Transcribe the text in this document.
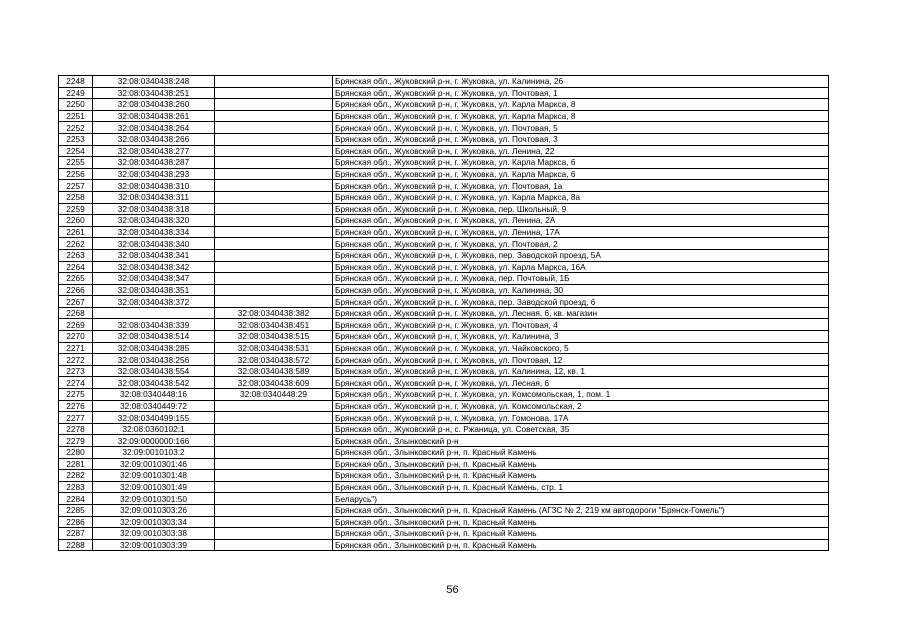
2248	32:08:0340438:248		Брянская обл., Жуковский р-н, г. Жуковка, ул. Калинина, 26
2249	32:08:0340438:251		Брянская обл., Жуковский р-н, г. Жуковка, ул. Почтовая, 1
2250	32:08:0340438:260		Брянская обл., Жуковский р-н, г. Жуковка, ул. Карла Маркса, 8
2251	32:08:0340438:261		Брянская обл., Жуковский р-н, г. Жуковка, ул. Карла Маркса, 8
2252	32:08:0340438:264		Брянская обл., Жуковский р-н, г. Жуковка, ул. Почтовая, 5
2253	32:08:0340438:266		Брянская обл., Жуковский р-н, г. Жуковка, ул. Почтовая, 3
2254	32:08:0340438:277		Брянская обл., Жуковский р-н, г. Жуковка, ул. Ленина, 22
2255	32:08:0340438:287		Брянская обл., Жуковский р-н, г. Жуковка, ул. Карла Маркса, 6
2256	32:08:0340438:293		Брянская обл., Жуковский р-н, г. Жуковка, ул. Карла Маркса, 6
2257	32:08:0340438:310		Брянская обл., Жуковский р-н, г. Жуковка, ул. Почтовая, 1а
2258	32:08:0340438:311		Брянская обл., Жуковский р-н, г. Жуковка, ул. Карла Маркса, 8а
2259	32:08:0340438:318		Брянская обл., Жуковский р-н, г. Жуковка, пер. Школьный, 9
2260	32:08:0340438:320		Брянская обл., Жуковский р-н, г. Жуковка, ул. Ленина, 2А
2261	32:08:0340438:334		Брянская обл., Жуковский р-н, г. Жуковка, ул. Ленина, 17А
2262	32:08:0340438:340		Брянская обл., Жуковский р-н, г. Жуковка, ул. Почтовая, 2
2263	32:08:0340438:341		Брянская обл., Жуковский р-н, г. Жуковка, пер. Заводской проезд, 5А
2264	32:08:0340438:342		Брянская обл., Жуковский р-н, г. Жуковка, ул. Карла Маркса, 16А
2265	32:08:0340438:347		Брянская обл., Жуковский р-н, г. Жуковка, пер. Почтовый, 1Б
2266	32:08:0340438:351		Брянская обл., Жуковский р-н, г. Жуковка, ул. Калинина, 30
2267	32:08:0340438:372		Брянская обл., Жуковский р-н, г. Жуковка, пер. Заводской проезд, 6
2268		32:08:0340438:382	Брянская обл., Жуковский р-н, г. Жуковка, ул. Лесная, 6, кв. магазин
2269	32:08:0340438:339	32:08:0340438:451	Брянская обл., Жуковский р-н, г. Жуковка, ул. Почтовая, 4
2270	32:08:0340438:514	32:08:0340438:515	Брянская обл., Жуковский р-н, г. Жуковка, ул. Калинина, 3
2271	32:08:0340438:285	32:08:0340438:531	Брянская обл., Жуковский р-н, г. Жуковка, ул. Чайковского, 5
2272	32:08:0340438:256	32:08:0340438:572	Брянская обл., Жуковский р-н, г. Жуковка, ул. Почтовая, 12
2273	32:08:0340438:554	32:08:0340438:589	Брянская обл., Жуковский р-н, г. Жуковка, ул. Калинина, 12, кв. 1
2274	32:08:0340438:542	32:08:0340438:609	Брянская обл., Жуковский р-н, г. Жуковка, ул. Лесная, 6
2275	32:08:0340448:16	32:08:0340448:29	Брянская обл., Жуковский р-н, г. Жуковка, ул. Комсомольская, 1, пом. 1
2276	32:08:0340449:72		Брянская обл., Жуковский р-н, г. Жуковка, ул. Комсомольская, 2
2277	32:08:0340499:155		Брянская обл., Жуковский р-н, г. Жуковка, ул. Гомонова, 17А
2278	32:08:0360102:1		Брянская обл., Жуковский р-н, с. Ржаница, ул. Советская, 35
2279	32:09:0000000:166		Брянская обл., Злынковский р-н
2280	32:09:0010103:2		Брянская обл., Злынковский р-н, п. Красный Камень
2281	32:09:0010301:46		Брянская обл., Злынковский р-н, п. Красный Камень
2282	32:09:0010301:48		Брянская обл., Злынковский р-н, п. Красный Камень
2283	32:09:0010301:49		Брянская обл., Злынковский р-н, п. Красный Камень, стр. 1
2284	32:09:0010301:50		Беларусь")
2285	32:09:0010303:26		Брянская обл., Злынковский р-н, п. Красный Камень (АГЗС № 2, 219 км автодороги "Брянск-Гомель")
2286	32:09:0010303:34		Брянская обл., Злынковский р-н, п. Красный Камень
2287	32:09:0010303:38		Брянская обл., Злынковский р-н, п. Красный Камень
2288	32:09:0010303:39		Брянская обл., Злынковский р-н, п. Красный Камень
56
